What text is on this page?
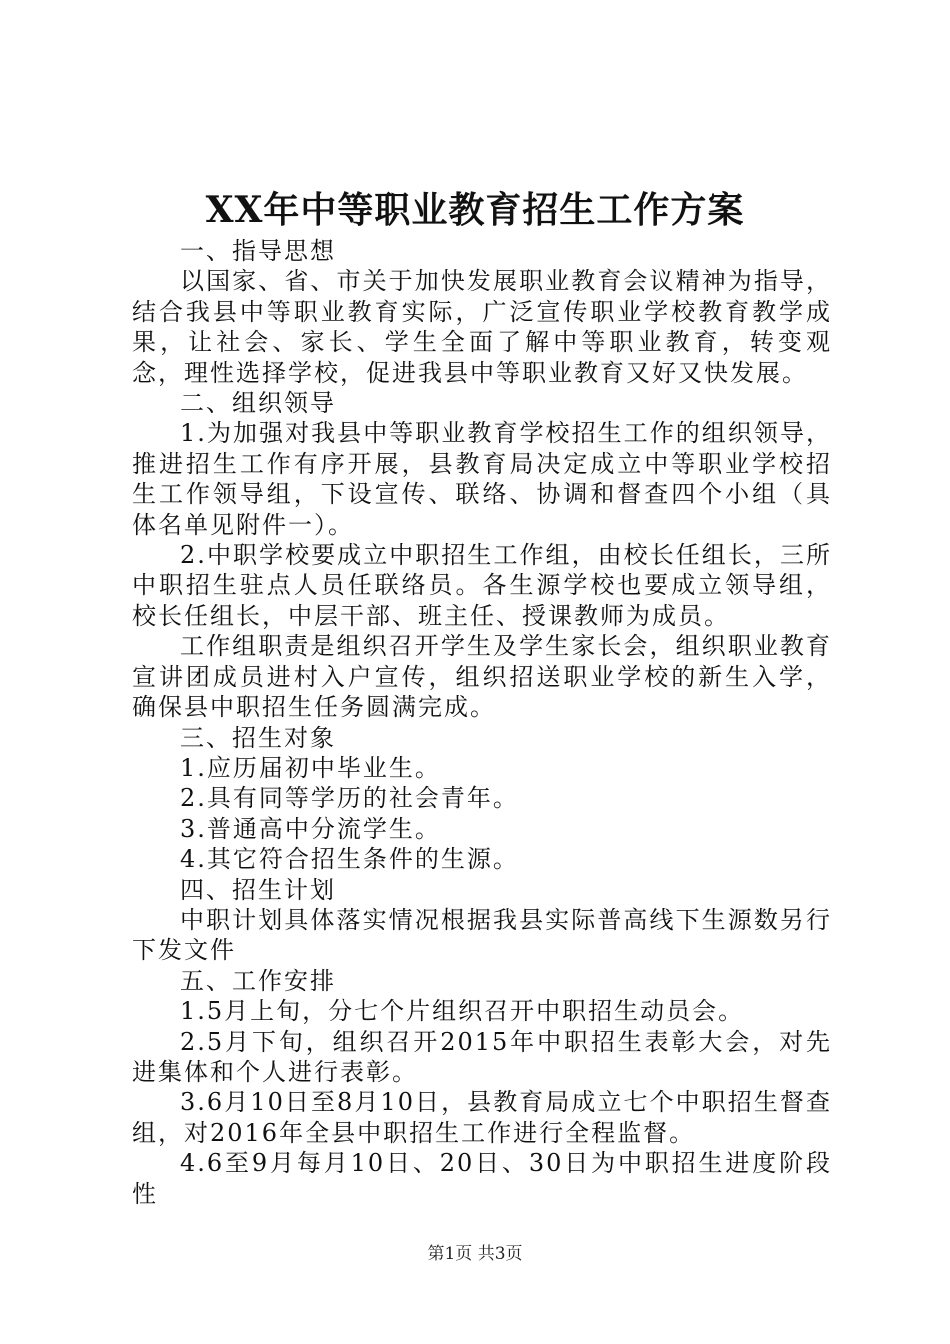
XX年中等职业教育招生工作方案

一、指导思想

以国家、省、市关于加快发展职业教育会议精神为指导，结合我县中等职业教育实际，广泛宣传职业学校教育教学成果，让社会、家长、学生全面了解中等职业教育，转变观念，理性选择学校，促进我县中等职业教育又好又快发展。

二、组织领导

1.为加强对我县中等职业教育学校招生工作的组织领导，推进招生工作有序开展，县教育局决定成立中等职业学校招生工作领导组，下设宣传、联络、协调和督查四个小组（具体名单见附件一）。

2.中职学校要成立中职招生工作组，由校长任组长，三所中职招生驻点人员任联络员。各生源学校也要成立领导组，校长任组长，中层干部、班主任、授课教师为成员。

工作组职责是组织召开学生及学生家长会，组织职业教育宣讲团成员进村入户宣传，组织招送职业学校的新生入学，确保县中职招生任务圆满完成。

三、招生对象

1.应历届初中毕业生。

2.具有同等学历的社会青年。

3.普通高中分流学生。

4.其它符合招生条件的生源。

四、招生计划

中职计划具体落实情况根据我县实际普高线下生源数另行下发文件

五、工作安排

1.5月上旬，分七个片组织召开中职招生动员会。

2.5月下旬，组织召开2015年中职招生表彰大会，对先进集体和个人进行表彰。

3.6月10日至8月10日，县教育局成立七个中职招生督查组，对2016年全县中职招生工作进行全程监督。

4.6至9月每月10日、20日、30日为中职招生进度阶段性

第1页 共3页
